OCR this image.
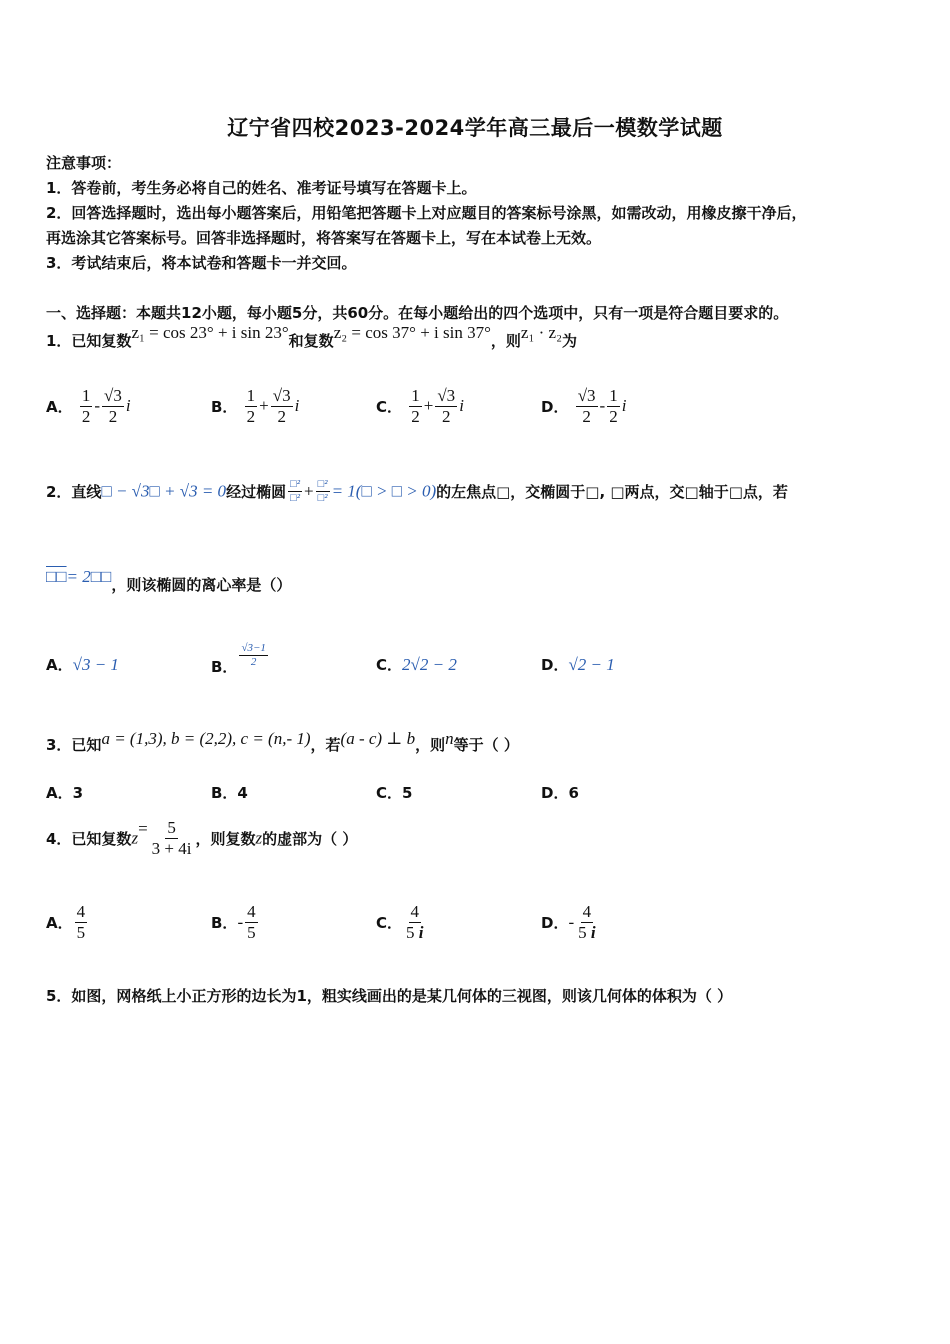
辽宁省四校2023-2024学年高三最后一模数学试题
注意事项：
1．答卷前，考生务必将自己的姓名、准考证号填写在答题卡上。
2．回答选择题时，选出每小题答案后，用铅笔把答题卡上对应题目的答案标号涂黑，如需改动，用橡皮擦干净后，
再选涂其它答案标号。回答非选择题时，将答案写在答题卡上，写在本试卷上无效。
3．考试结束后，将本试卷和答题卡一并交回。
一、选择题：本题共12小题，每小题5分，共60分。在每小题给出的四个选项中，只有一项是符合题目要求的。
1．已知复数z₁ = cos 23° + i sin 23°和复数z₂ = cos 37° + i sin 37°，则z₁ · z₂为
A． $\frac{1}{2} - \frac{√3}{2}$ i	B． $\frac{1}{2} + \frac{√3}{2}$ i	C． $\frac{1}{2} + \frac{√3}{2}$ i	D． $\frac{√3}{2} - \frac{1}{2}$ i
2．直线□ − √3□ + √3 = 0经过椭圆 $\frac{\text{□²}}{\text{□²}} + \frac{\text{□²}}{\text{□²}}$ = 1(□ > □ > 0)的左焦点□，交椭圆于□, □两点，交□轴于□点，若
□□= 2□□，则该椭圆的离心率是（）
A．√3 − 1	B． $\frac{√3-1}{2}$	C．2√2 − 2	D．√2 − 1
3．已知a = (1,3), b = (2,2), c = (n,- 1)，若(a - c) ⊥ b，则n等于（ ）
A．3	B．4	C．5	D．6
4．已知复数$z= \frac{5}{3 + 4i}$ ，则复数z的虚部为（ ）
A． $\frac{4}{5}$	B．- $\frac{4}{5}$	C． $\frac{4}{5 i}$	D．- $\frac{4}{5 i}$
5．如图，网格纸上小正方形的边长为1，粗实线画出的是某几何体的三视图，则该几何体的体积为（ ）
